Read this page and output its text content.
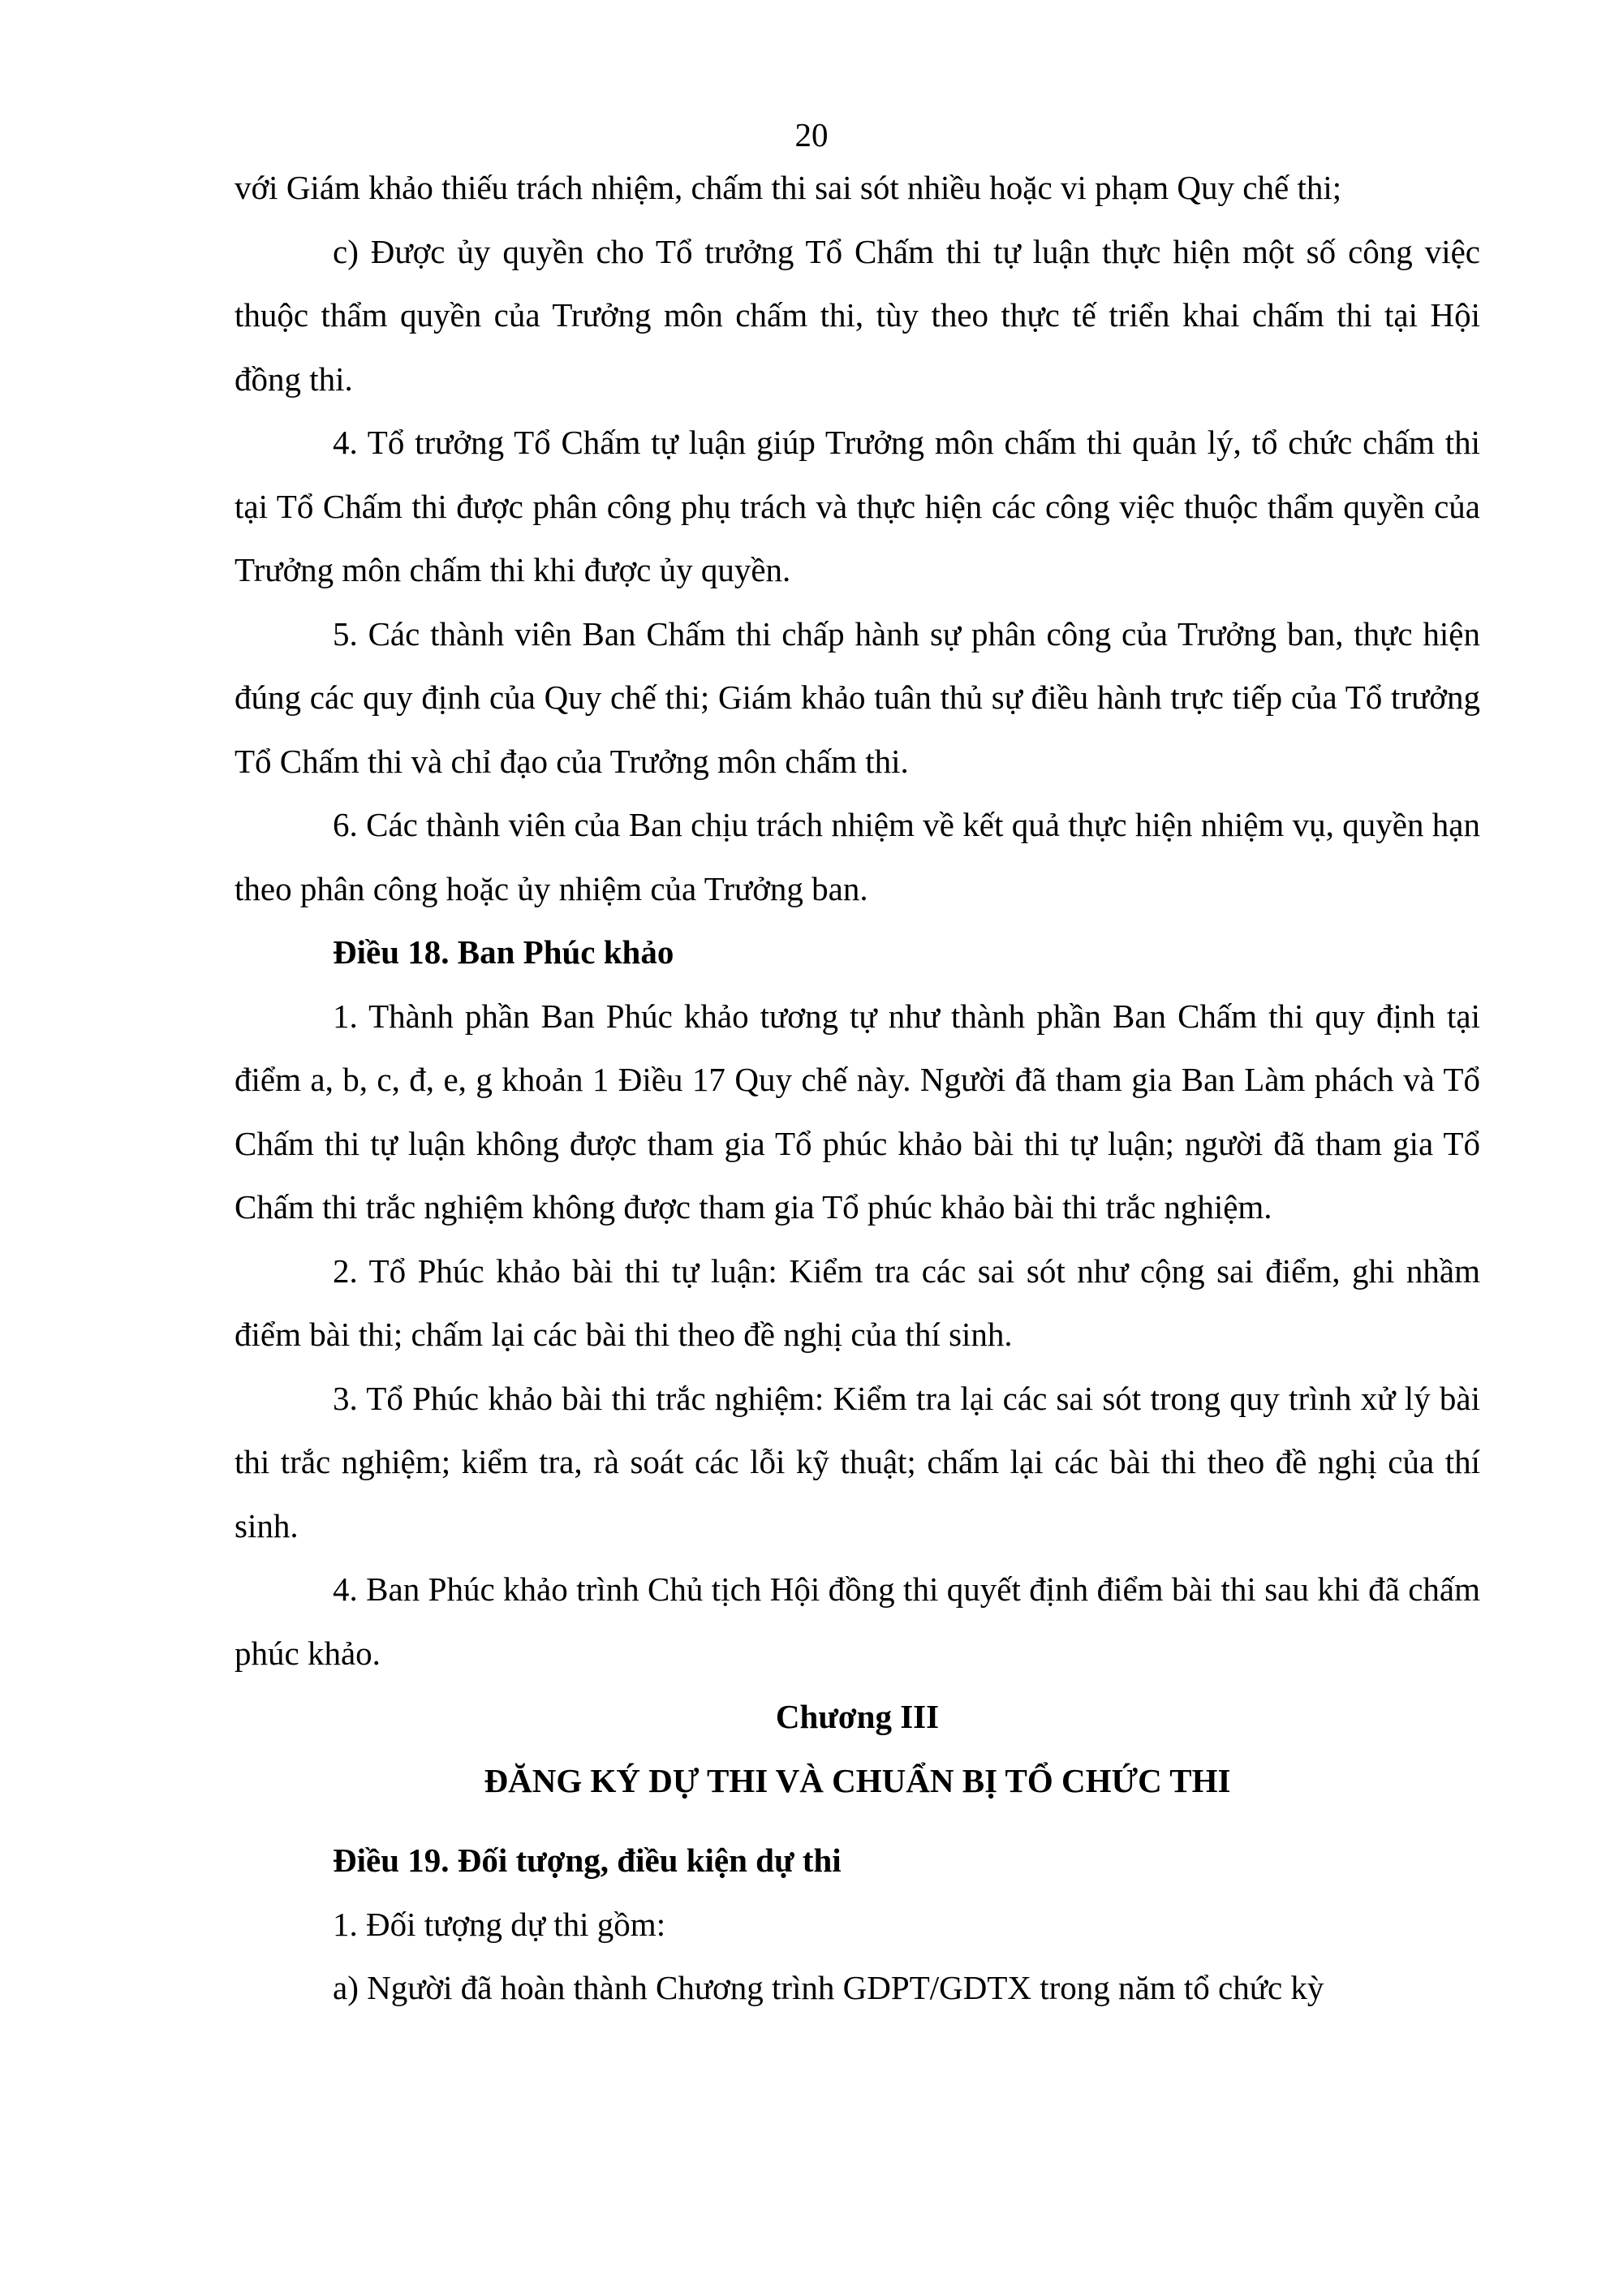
20

với Giám khảo thiếu trách nhiệm, chấm thi sai sót nhiều hoặc vi phạm Quy chế thi;

c) Được ủy quyền cho Tổ trưởng Tổ Chấm thi tự luận thực hiện một số công việc thuộc thẩm quyền của Trưởng môn chấm thi, tùy theo thực tế triển khai chấm thi tại Hội đồng thi.

4. Tổ trưởng Tổ Chấm tự luận giúp Trưởng môn chấm thi quản lý, tổ chức chấm thi tại Tổ Chấm thi được phân công phụ trách và thực hiện các công việc thuộc thẩm quyền của Trưởng môn chấm thi khi được ủy quyền.

5. Các thành viên Ban Chấm thi chấp hành sự phân công của Trưởng ban, thực hiện đúng các quy định của Quy chế thi; Giám khảo tuân thủ sự điều hành trực tiếp của Tổ trưởng Tổ Chấm thi và chỉ đạo của Trưởng môn chấm thi.

6. Các thành viên của Ban chịu trách nhiệm về kết quả thực hiện nhiệm vụ, quyền hạn theo phân công hoặc ủy nhiệm của Trưởng ban.

Điều 18. Ban Phúc khảo

1. Thành phần Ban Phúc khảo tương tự như thành phần Ban Chấm thi quy định tại điểm a, b, c, đ, e, g khoản 1 Điều 17 Quy chế này. Người đã tham gia Ban Làm phách và Tổ Chấm thi tự luận không được tham gia Tổ phúc khảo bài thi tự luận; người đã tham gia Tổ Chấm thi trắc nghiệm không được tham gia Tổ phúc khảo bài thi trắc nghiệm.

2. Tổ Phúc khảo bài thi tự luận: Kiểm tra các sai sót như cộng sai điểm, ghi nhầm điểm bài thi; chấm lại các bài thi theo đề nghị của thí sinh.

3. Tổ Phúc khảo bài thi trắc nghiệm: Kiểm tra lại các sai sót trong quy trình xử lý bài thi trắc nghiệm; kiểm tra, rà soát các lỗi kỹ thuật; chấm lại các bài thi theo đề nghị của thí sinh.

4. Ban Phúc khảo trình Chủ tịch Hội đồng thi quyết định điểm bài thi sau khi đã chấm phúc khảo.

Chương III

ĐĂNG KÝ DỰ THI VÀ CHUẨN BỊ TỔ CHỨC THI

Điều 19. Đối tượng, điều kiện dự thi

1. Đối tượng dự thi gồm:

a) Người đã hoàn thành Chương trình GDPT/GDTX trong năm tổ chức kỳ
